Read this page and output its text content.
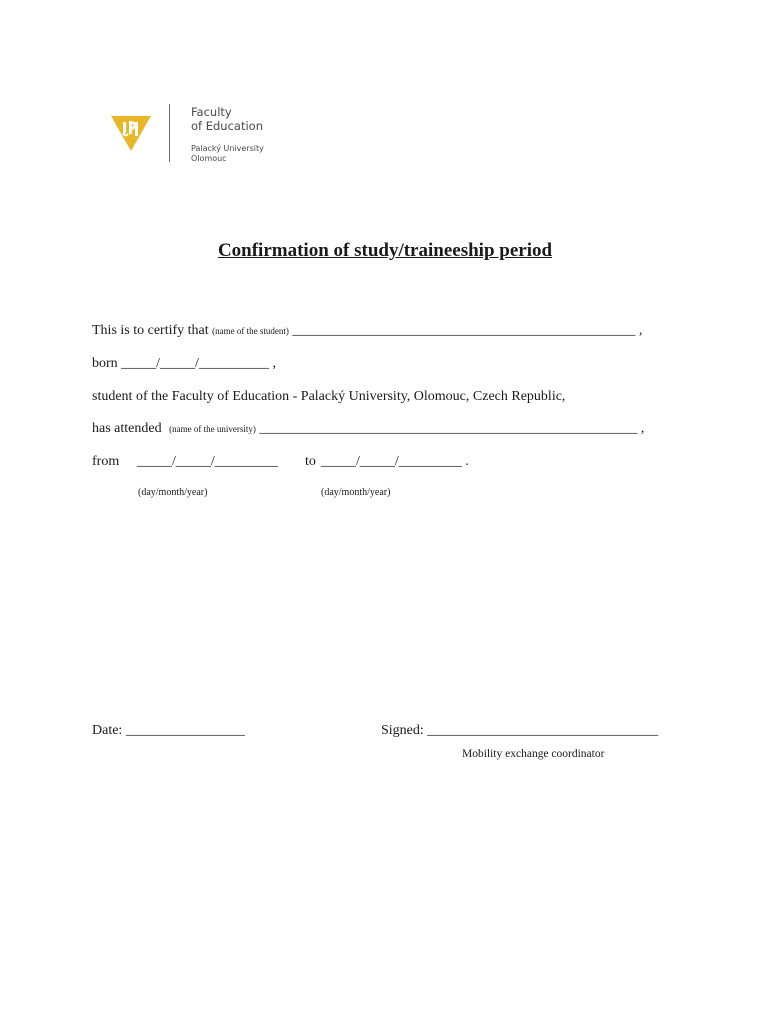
Faculty
of Education
Palacký University
Olomouc
Confirmation of study/traineeship period
This is to certify that (name of the student) _________________________________________________ ,
born _____/_____/__________ ,
student of the Faculty of Education - Palacký University, Olomouc, Czech Republic,
has attended (name of the university) ______________________________________________________ ,
from _____/_____/_________ to _____/_____/_________ .
(day/month/year)	(day/month/year)
Date: _________________	Signed: _________________________________
Mobility exchange coordinator
